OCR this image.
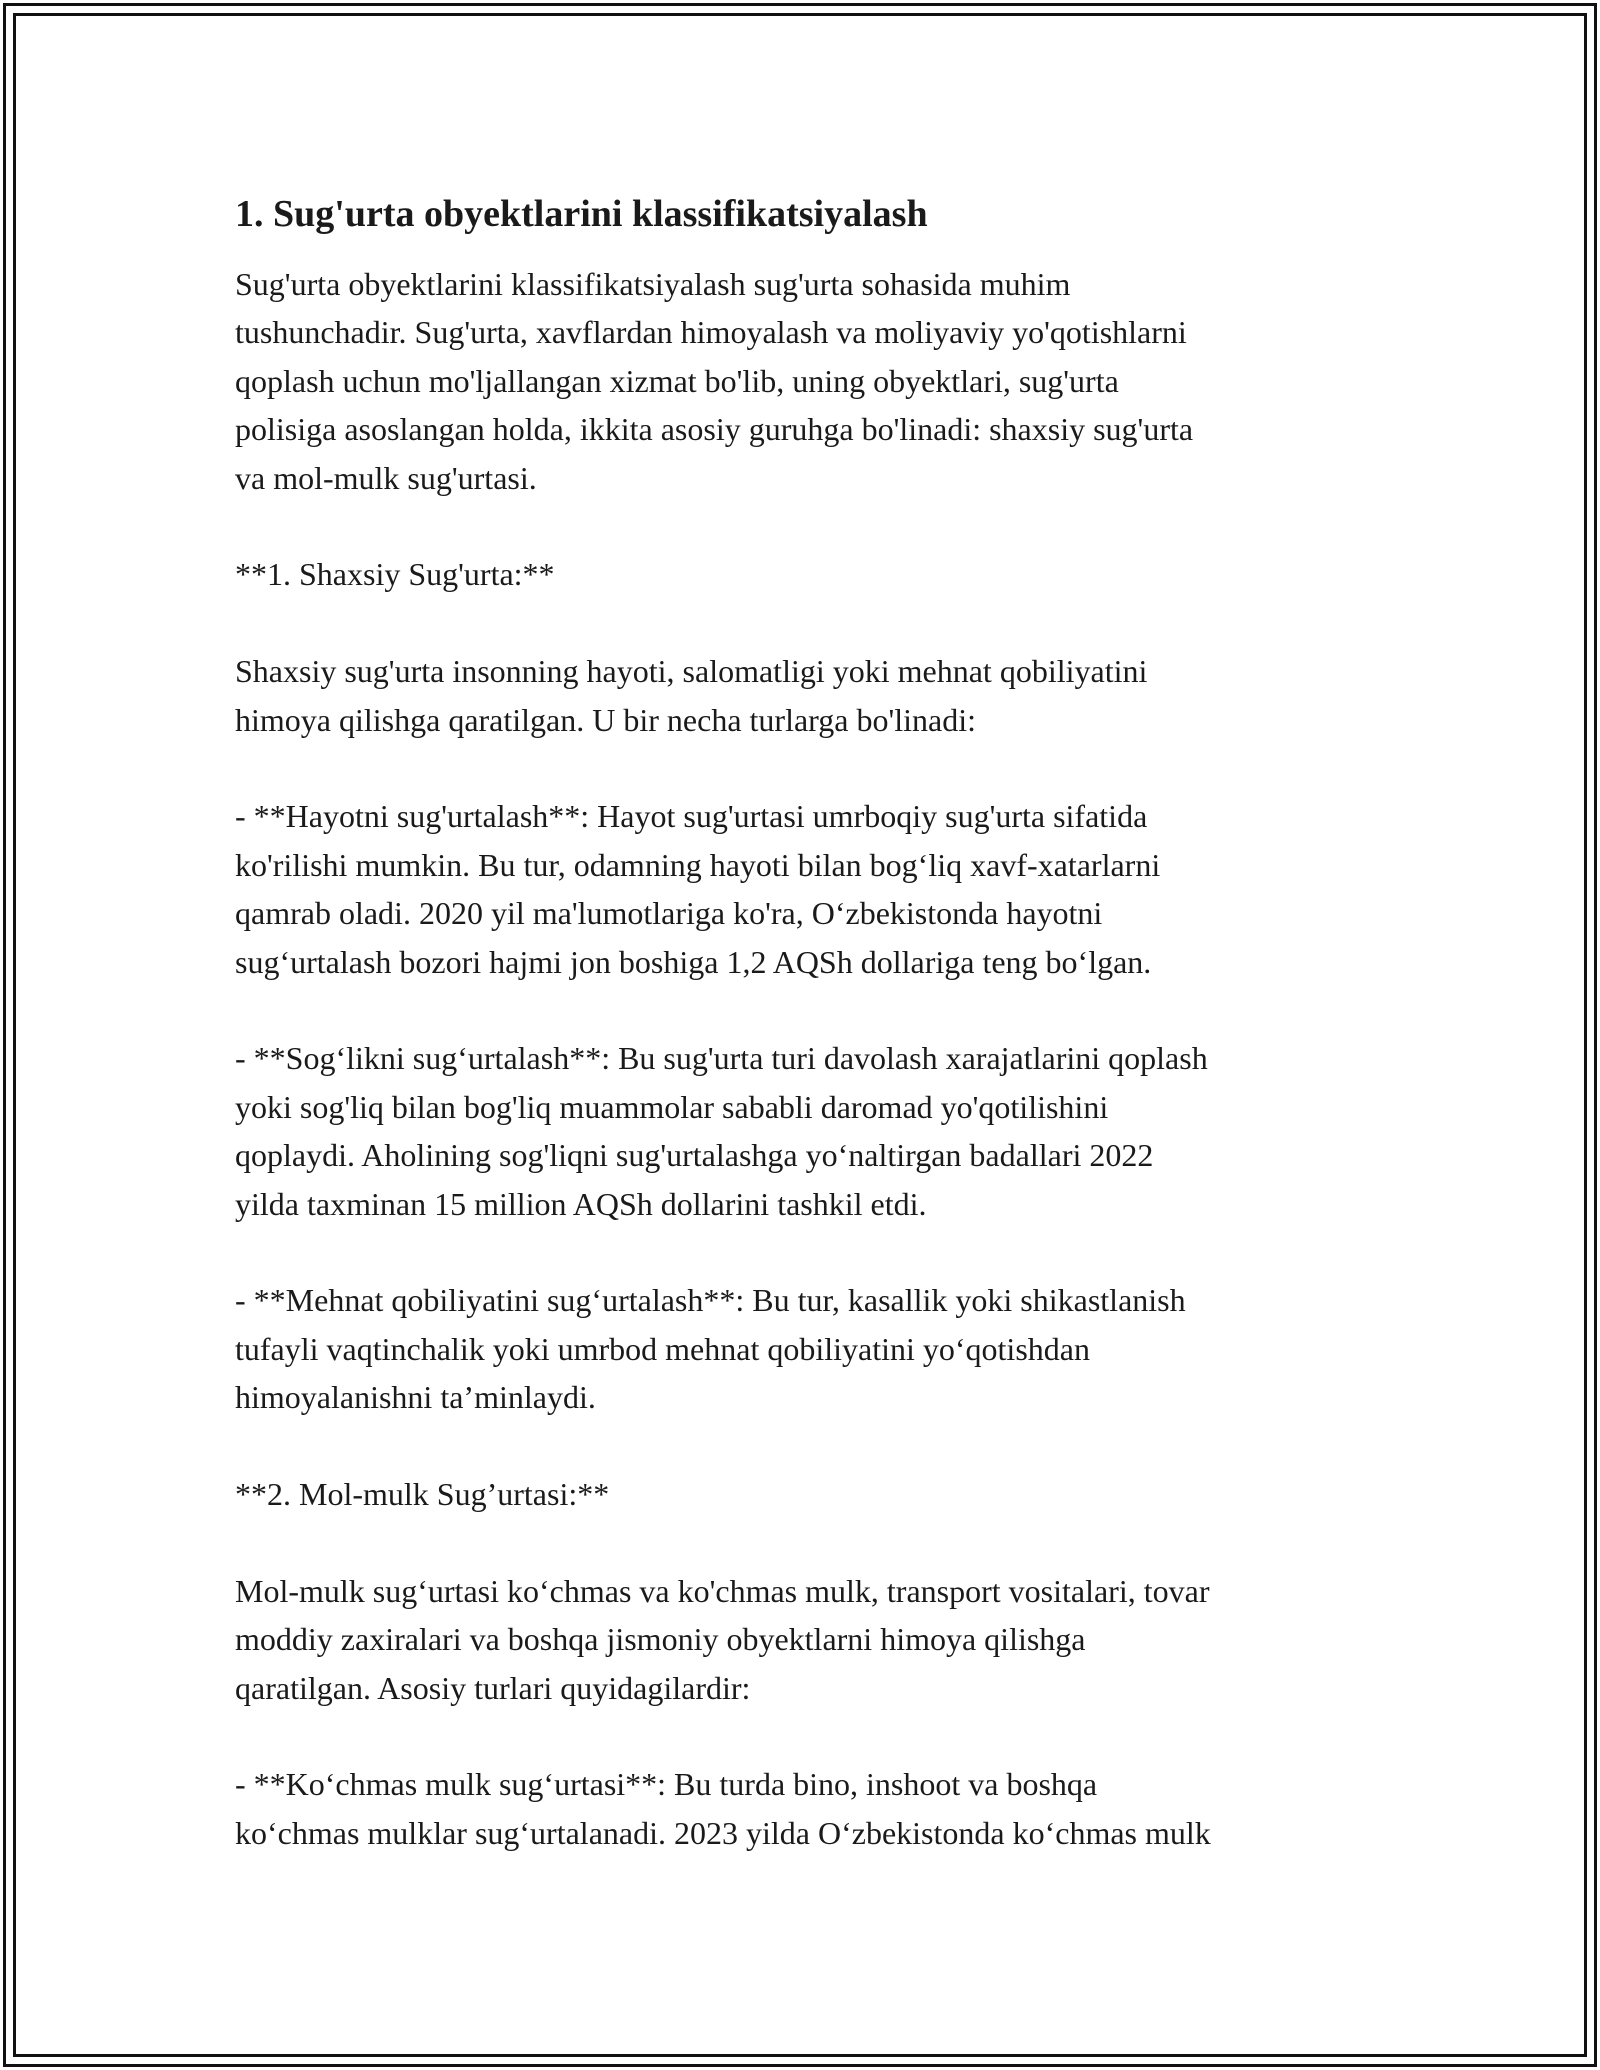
1. Sug'urta obyektlarini klassifikatsiyalash

Sug'urta obyektlarini klassifikatsiyalash sug'urta sohasida muhim
tushunchadir. Sug'urta, xavflardan himoyalash va moliyaviy yo'qotishlarni
qoplash uchun mo'ljallangan xizmat bo'lib, uning obyektlari, sug'urta
polisiga asoslangan holda, ikkita asosiy guruhga bo'linadi: shaxsiy sug'urta
va mol-mulk sug'urtasi.

**1. Shaxsiy Sug'urta:**

Shaxsiy sug'urta insonning hayoti, salomatligi yoki mehnat qobiliyatini
himoya qilishga qaratilgan. U bir necha turlarga bo'linadi:

- **Hayotni sug'urtalash**: Hayot sug'urtasi umrboqiy sug'urta sifatida
ko'rilishi mumkin. Bu tur, odamning hayoti bilan bog‘liq xavf-xatarlarni
qamrab oladi. 2020 yil ma'lumotlariga ko'ra, O‘zbekistonda hayotni
sug‘urtalash bozori hajmi jon boshiga 1,2 AQSh dollariga teng bo‘lgan.

- **Sog‘likni sug‘urtalash**: Bu sug'urta turi davolash xarajatlarini qoplash
yoki sog'liq bilan bog'liq muammolar sababli daromad yo'qotilishini
qoplaydi. Aholining sog'liqni sug'urtalashga yo‘naltirgan badallari 2022
yilda taxminan 15 million AQSh dollarini tashkil etdi.

- **Mehnat qobiliyatini sug‘urtalash**: Bu tur, kasallik yoki shikastlanish
tufayli vaqtinchalik yoki umrbod mehnat qobiliyatini yo‘qotishdan
himoyalanishni ta’minlaydi.

**2. Mol-mulk Sug’urtasi:**

Mol-mulk sug‘urtasi ko‘chmas va ko'chmas mulk, transport vositalari, tovar
moddiy zaxiralari va boshqa jismoniy obyektlarni himoya qilishga
qaratilgan. Asosiy turlari quyidagilardir:

- **Ko‘chmas mulk sug‘urtasi**: Bu turda bino, inshoot va boshqa
ko‘chmas mulklar sug‘urtalanadi. 2023 yilda O‘zbekistonda ko‘chmas mulk
